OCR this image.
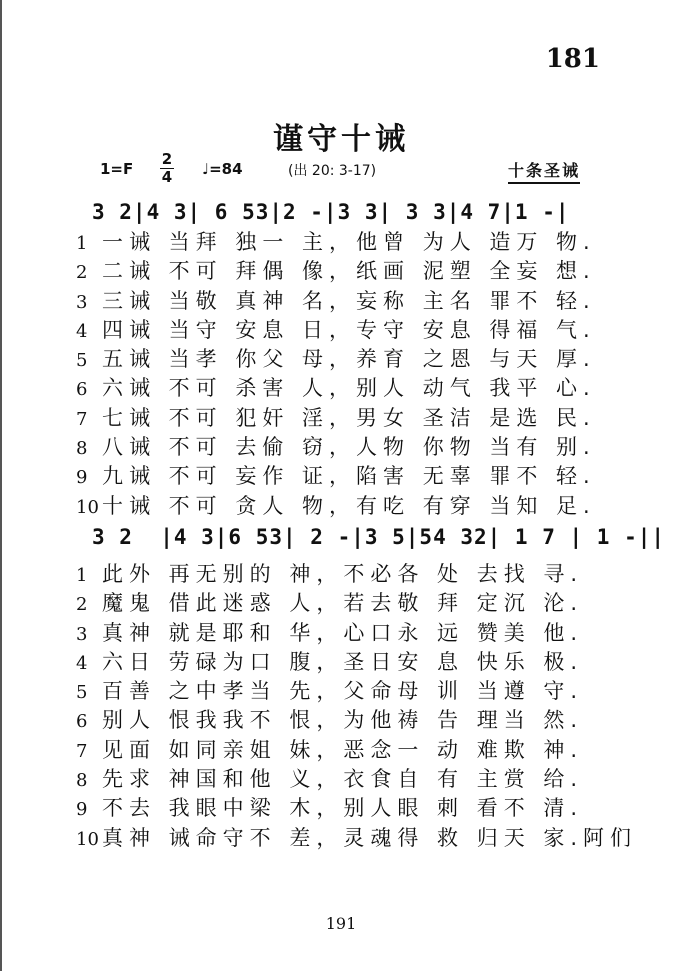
181
谨守十诫
1=F
2
4 ♩=84	(出 20: 3-17)	十条圣诫
3 2|4 3| 6 53|2 -|3 3| 3 3|4 7|1 -|
1 一诫 当拜 独一 主，他曾 为人 造万 物.
2 二诫 不可 拜偶 像，纸画 泥塑 全妄 想.
3 三诫 当敬 真神 名，妄称 主名 罪不 轻.
4 四诫 当守 安息 日，专守 安息 得福 气.
5 五诫 当孝 你父 母，养育 之恩 与天 厚.
6 六诫 不可 杀害 人，别人 动气 我平 心.
7 七诫 不可 犯奸 淫，男女 圣洁 是选 民.
8 八诫 不可 去偷 窃，人物 你物 当有 别.
9 九诫 不可 妄作 证，陷害 无辜 罪不 轻.
10 十诫 不可 贪人 物，有吃 有穿 当知 足.
3 2  |4 3|6 53| 2 -|3 5|54 32| 1 7 | 1 -||
1 此外 再无别的 神，不必各 处 去找 寻.
2 魔鬼 借此迷惑 人，若去敬 拜 定沉 沦.
3 真神 就是耶和 华，心口永 远 赞美 他.
4 六日 劳碌为口 腹，圣日安 息 快乐 极.
5 百善 之中孝当 先，父命母 训 当遵 守.
6 别人 恨我我不 恨，为他祷 告 理当 然.
7 见面 如同亲姐 妹，恶念一 动 难欺 神.
8 先求 神国和他 义，衣食自 有 主赏 给.
9 不去 我眼中梁 木，别人眼 刺 看不 清.
10 真神 诫命守不 差，灵魂得 救 归天 家.阿们
191
